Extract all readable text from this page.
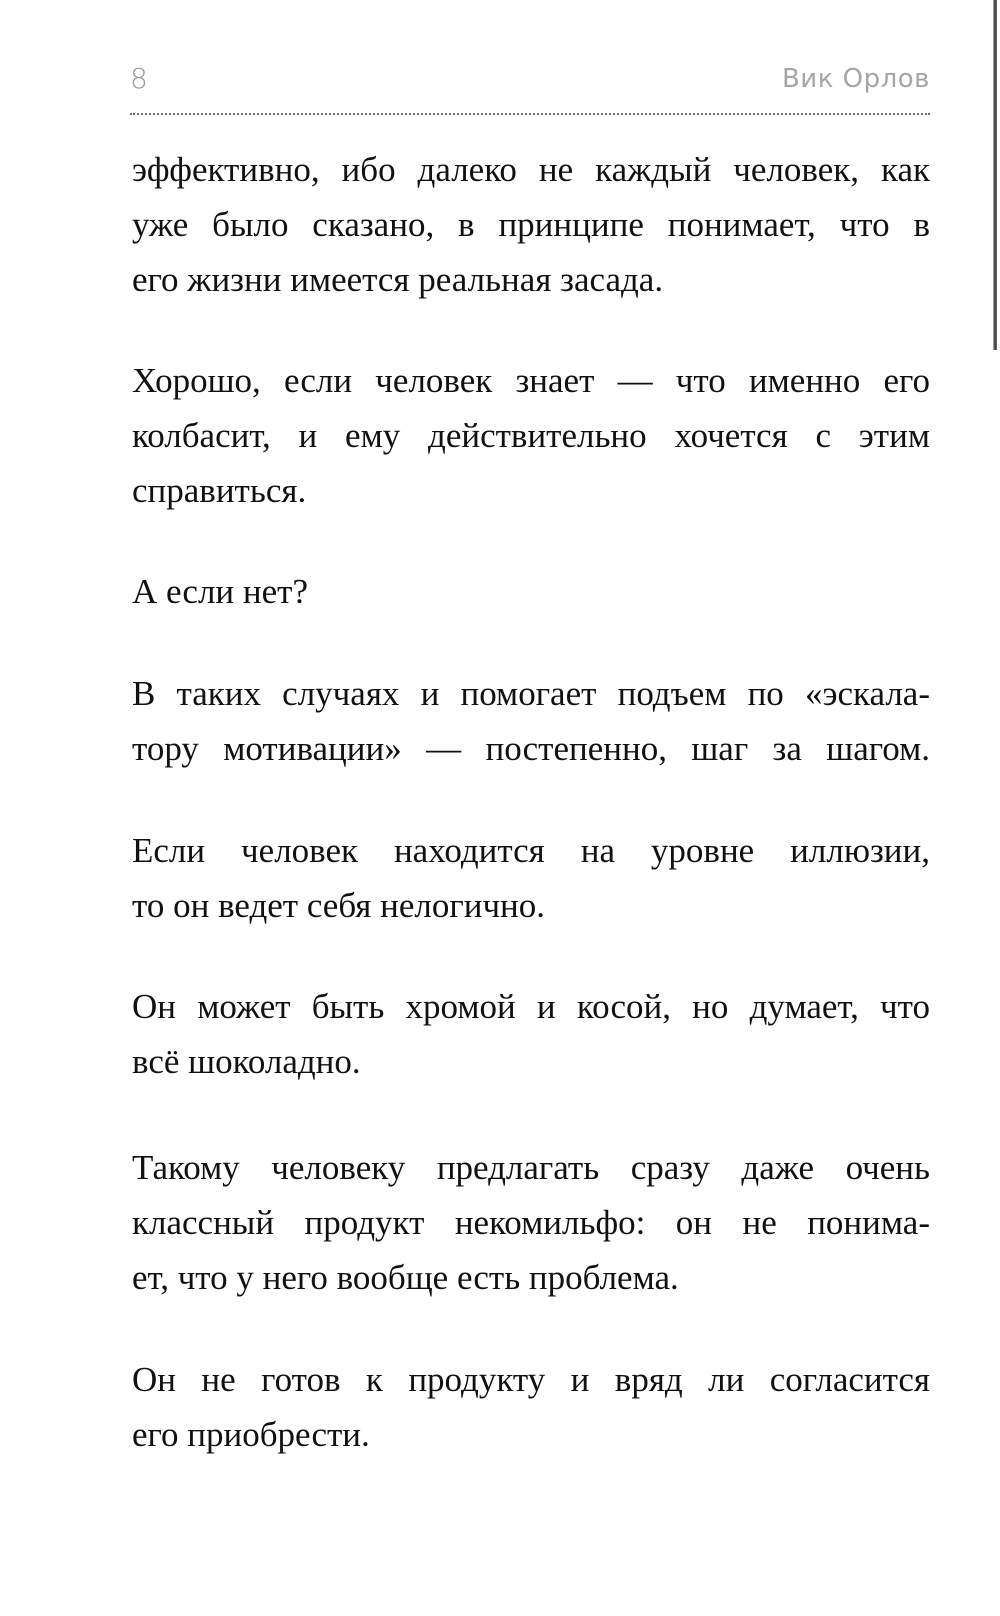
8	Вик Орлов
эффективно, ибо далеко не каждый человек, как
уже было сказано, в принципе понимает, что в
его жизни имеется реальная засада.
Хорошо, если человек знает — что именно его
колбасит, и ему действительно хочется с этим
справиться.
А если нет?
В таких случаях и помогает подъем по «эскала-
тору мотивации» — постепенно, шаг за шагом.
Если человек находится на уровне иллюзии,
то он ведет себя нелогично.
Он может быть хромой и косой, но думает, что
всё шоколадно.
Такому человеку предлагать сразу даже очень
классный продукт некомильфо: он не понима-
ет, что у него вообще есть проблема.
Он не готов к продукту и вряд ли согласится
его приобрести.
